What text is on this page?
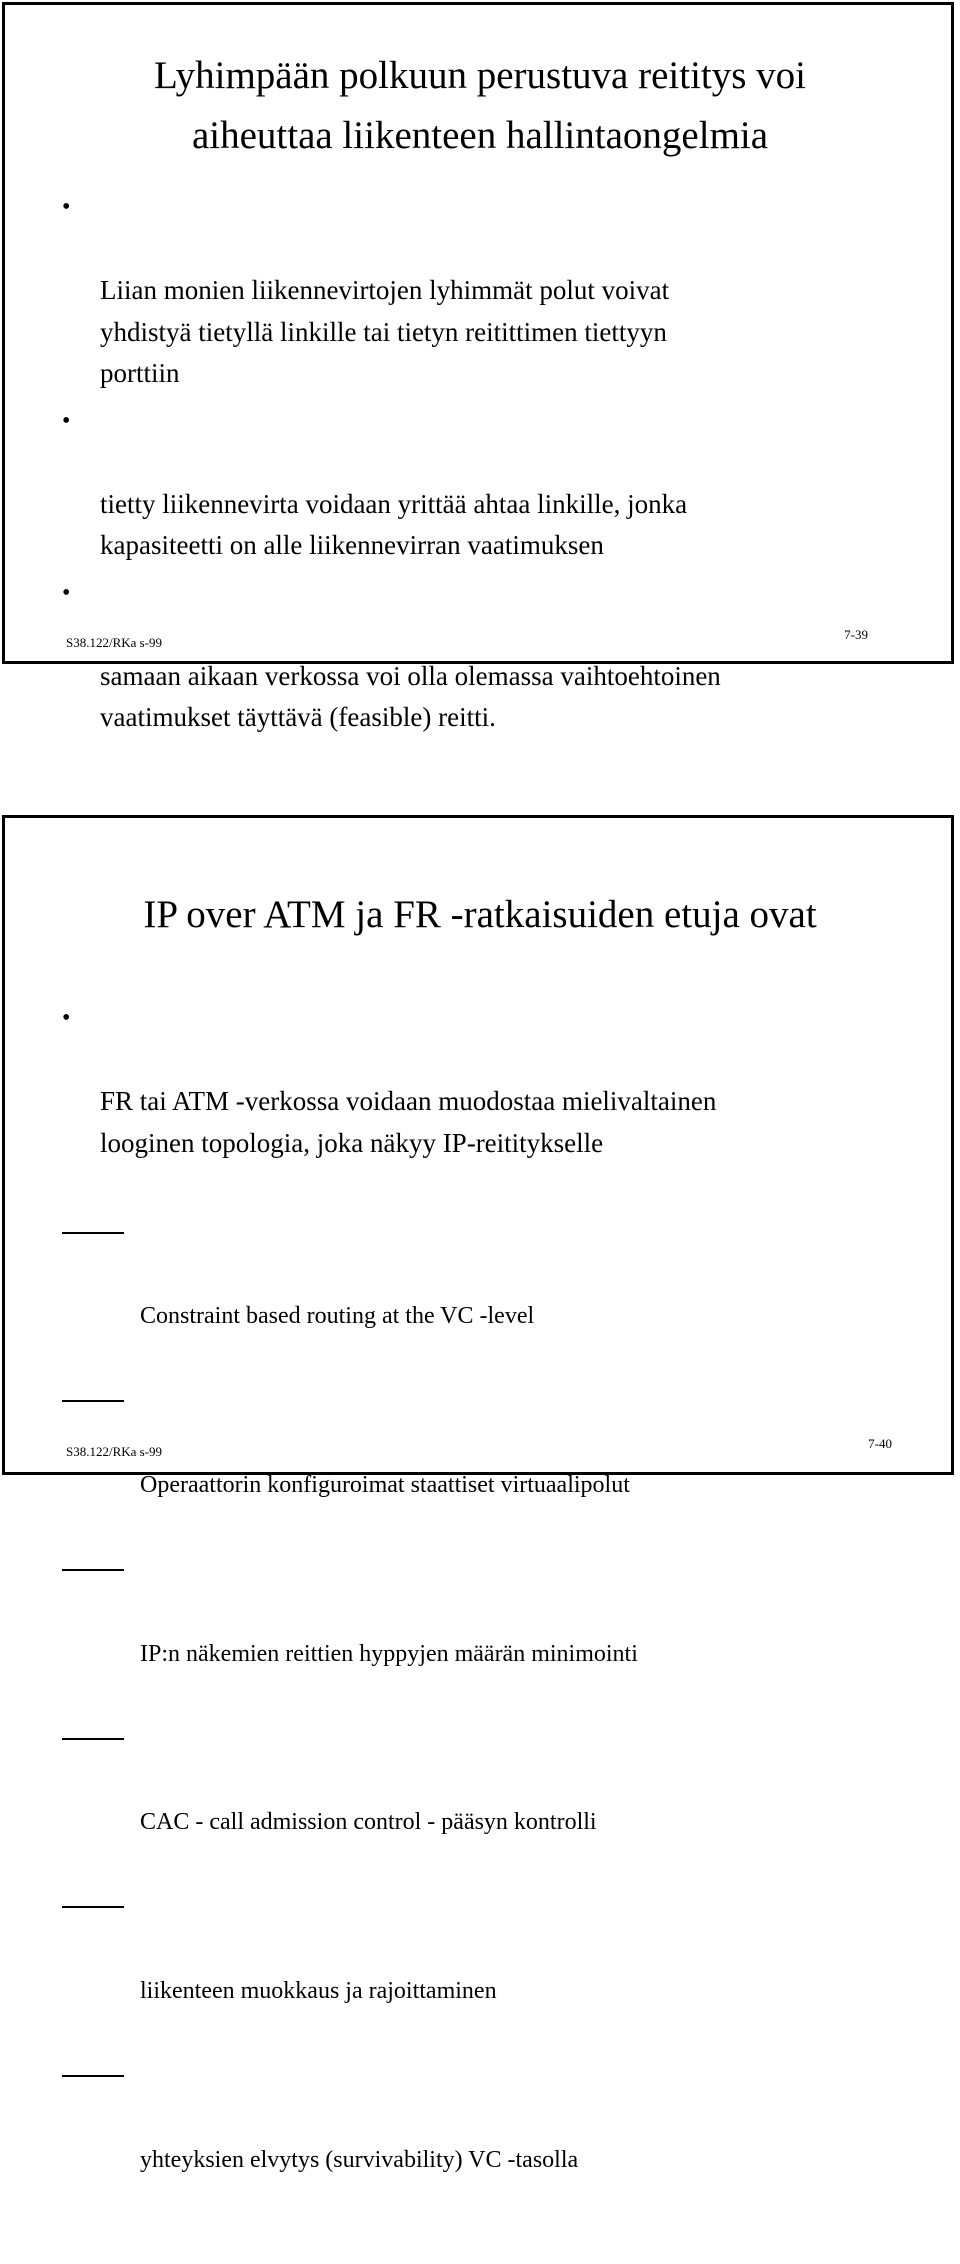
Lyhimpään polkuun perustuva reititys voi
aiheuttaa liikenteen hallintaongelmia

•

Liian monien liikennevirtojen lyhimmät polut voivat
yhdistyä tietyllä linkille tai tietyn reitittimen tiettyyn
porttiin

•

tietty liikennevirta voidaan yrittää ahtaa linkille, jonka
kapasiteetti on alle liikennevirran vaatimuksen

•

samaan aikaan verkossa voi olla olemassa vaihtoehtoinen
vaatimukset täyttävä (feasible) reitti.

S38.122/RKa s-99
7-39
IP over ATM ja FR -ratkaisuiden etuja ovat

•

FR tai ATM -verkossa voidaan muodostaa mielivaltainen
looginen topologia, joka näkyy IP-reititykselle

Constraint based routing at the VC -level

Operaattorin konfiguroimat staattiset virtuaalipolut

IP:n näkemien reittien hyppyjen määrän minimointi

CAC - call admission control - pääsyn kontrolli

liikenteen muokkaus ja rajoittaminen

yhteyksien elvytys (survivability) VC -tasolla

S38.122/RKa s-99
7-40
